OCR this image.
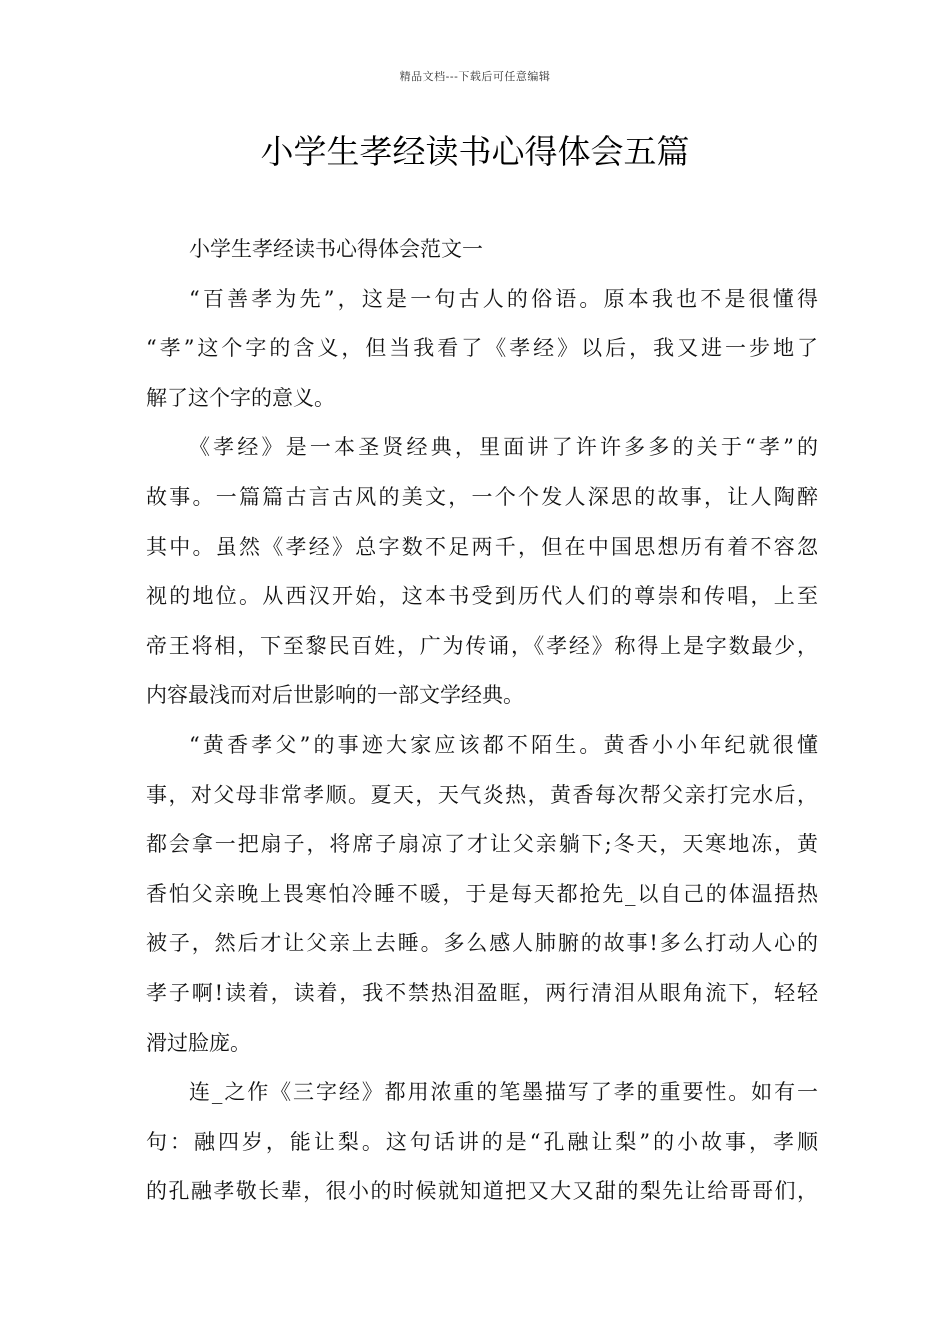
精品文档---下载后可任意编辑
小学生孝经读书心得体会五篇
小学生孝经读书心得体会范文一
“百善孝为先”，这是一句古人的俗语。原本我也不是很懂得
“孝”这个字的含义，但当我看了《孝经》以后，我又进一步地了
解了这个字的意义。
《孝经》是一本圣贤经典，里面讲了许许多多的关于“孝”的
故事。一篇篇古言古风的美文，一个个发人深思的故事，让人陶醉
其中。虽然《孝经》总字数不足两千，但在中国思想历有着不容忽
视的地位。从西汉开始，这本书受到历代人们的尊崇和传唱，上至
帝王将相，下至黎民百姓，广为传诵，《孝经》称得上是字数最少，
内容最浅而对后世影响的一部文学经典。
“黄香孝父”的事迹大家应该都不陌生。黄香小小年纪就很懂
事，对父母非常孝顺。夏天，天气炎热，黄香每次帮父亲打完水后，
都会拿一把扇子，将席子扇凉了才让父亲躺下;冬天，天寒地冻，黄
香怕父亲晚上畏寒怕冷睡不暖，于是每天都抢先_以自己的体温捂热
被子，然后才让父亲上去睡。多么感人肺腑的故事!多么打动人心的
孝子啊!读着，读着，我不禁热泪盈眶，两行清泪从眼角流下，轻轻
滑过脸庞。
连_之作《三字经》都用浓重的笔墨描写了孝的重要性。如有一
句：融四岁，能让梨。这句话讲的是“孔融让梨”的小故事，孝顺
的孔融孝敬长辈，很小的时候就知道把又大又甜的梨先让给哥哥们，
